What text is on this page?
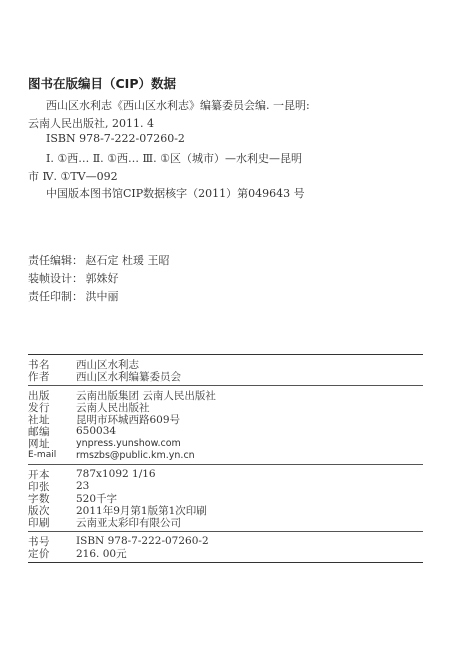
图书在版编目（CIP）数据
西山区水利志《西山区水利志》编纂委员会编. 一昆明:
云南人民出版社, 2011. 4
ISBN 978-7-222-07260-2
Ⅰ. ①西… Ⅱ. ①西… Ⅲ. ①区（城市）—水利史—昆明
市 Ⅳ. ①TV—092
中国版本图书馆CIP数据核字（2011）第049643 号
责任编辑： 赵石定 杜瑗 王昭
装帧设计： 郭姝好
责任印制： 洪中丽
书名	西山区水利志
作者	西山区水利编纂委员会
出版	云南出版集团 云南人民出版社
发行	云南人民出版社
社址	昆明市环城西路609号
邮编	650034
网址	ynpress.yunshow.com
E-mail	rmszbs@public.km.yn.cn
开本	787x1092 1/16
印张	23
字数	520千字
版次	2011年9月第1版第1次印刷
印刷	云南亚太彩印有限公司
书号	ISBN 978-7-222-07260-2
定价	216. 00元
